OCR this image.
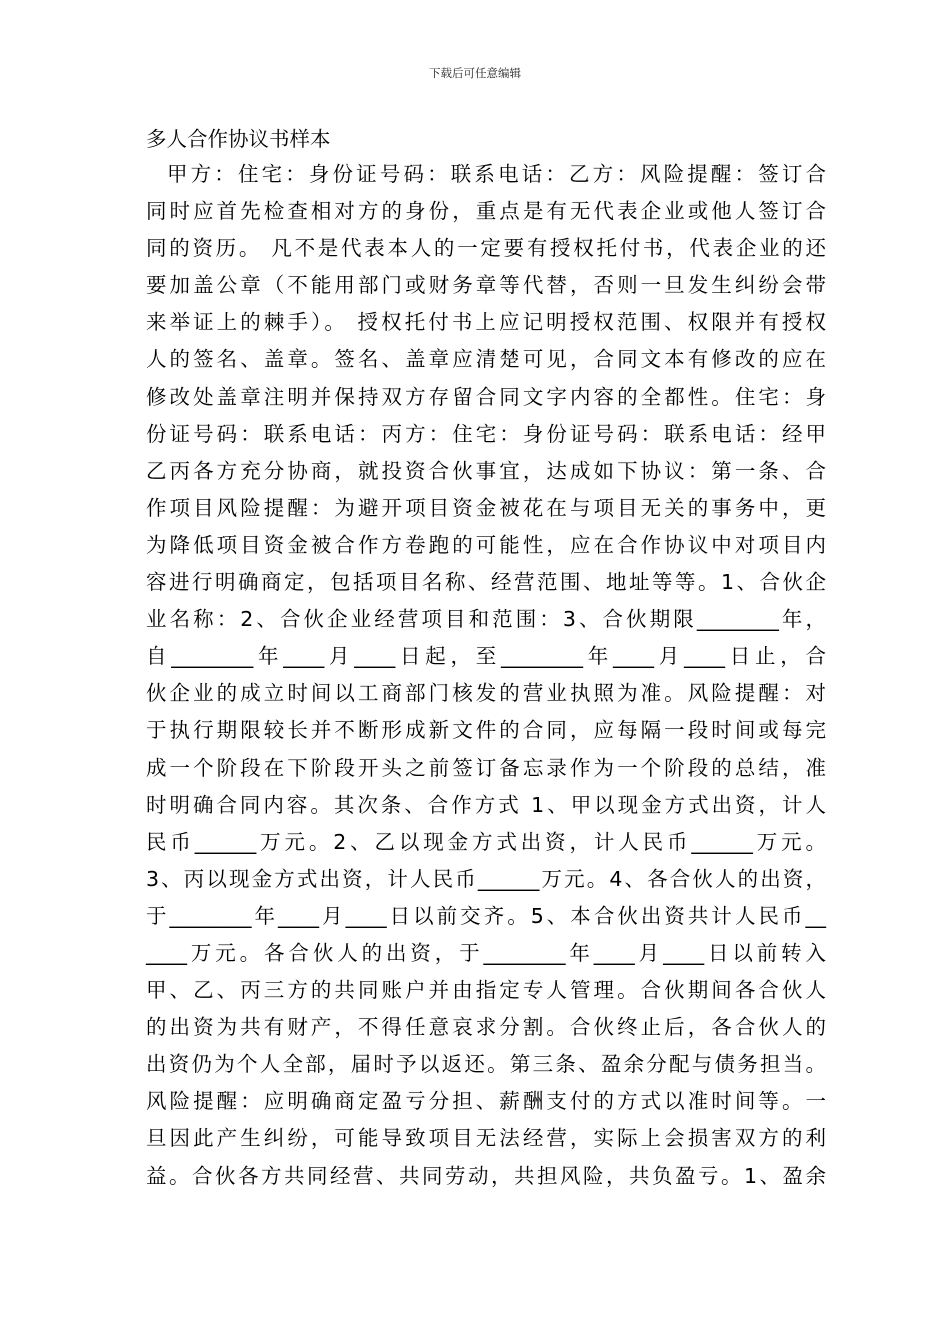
下载后可任意编辑
多人合作协议书样本
甲方：住宅：身份证号码：联系电话：乙方：风险提醒：签订合
同时应首先检查相对方的身份，重点是有无代表企业或他人签订合
同的资历。 凡不是代表本人的一定要有授权托付书，代表企业的还
要加盖公章（不能用部门或财务章等代替，否则一旦发生纠纷会带
来举证上的棘手）。 授权托付书上应记明授权范围、权限并有授权
人的签名、盖章。签名、盖章应清楚可见，合同文本有修改的应在
修改处盖章注明并保持双方存留合同文字内容的全都性。住宅：身
份证号码：联系电话：丙方：住宅：身份证号码：联系电话：经甲
乙丙各方充分协商，就投资合伙事宜，达成如下协议：第一条、合
作项目风险提醒：为避开项目资金被花在与项目无关的事务中，更
为降低项目资金被合作方卷跑的可能性，应在合作协议中对项目内
容进行明确商定，包括项目名称、经营范围、地址等等。1、合伙企
业名称：2、合伙企业经营项目和范围：3、合伙期限________年，
自________年____月____日起，至________年____月____日止，合
伙企业的成立时间以工商部门核发的营业执照为准。风险提醒：对
于执行期限较长并不断形成新文件的合同，应每隔一段时间或每完
成一个阶段在下阶段开头之前签订备忘录作为一个阶段的总结，准
时明确合同内容。其次条、合作方式 1、甲以现金方式出资，计人
民币______万元。2、乙以现金方式出资，计人民币______万元。
3、丙以现金方式出资，计人民币______万元。4、各合伙人的出资，
于________年____月____日以前交齐。5、本合伙出资共计人民币__
____万元。各合伙人的出资，于________年____月____日以前转入
甲、乙、丙三方的共同账户并由指定专人管理。合伙期间各合伙人
的出资为共有财产，不得任意哀求分割。合伙终止后，各合伙人的
出资仍为个人全部，届时予以返还。第三条、盈余分配与债务担当。
风险提醒：应明确商定盈亏分担、薪酬支付的方式以准时间等。一
旦因此产生纠纷，可能导致项目无法经营，实际上会损害双方的利
益。合伙各方共同经营、共同劳动，共担风险，共负盈亏。1、盈余
